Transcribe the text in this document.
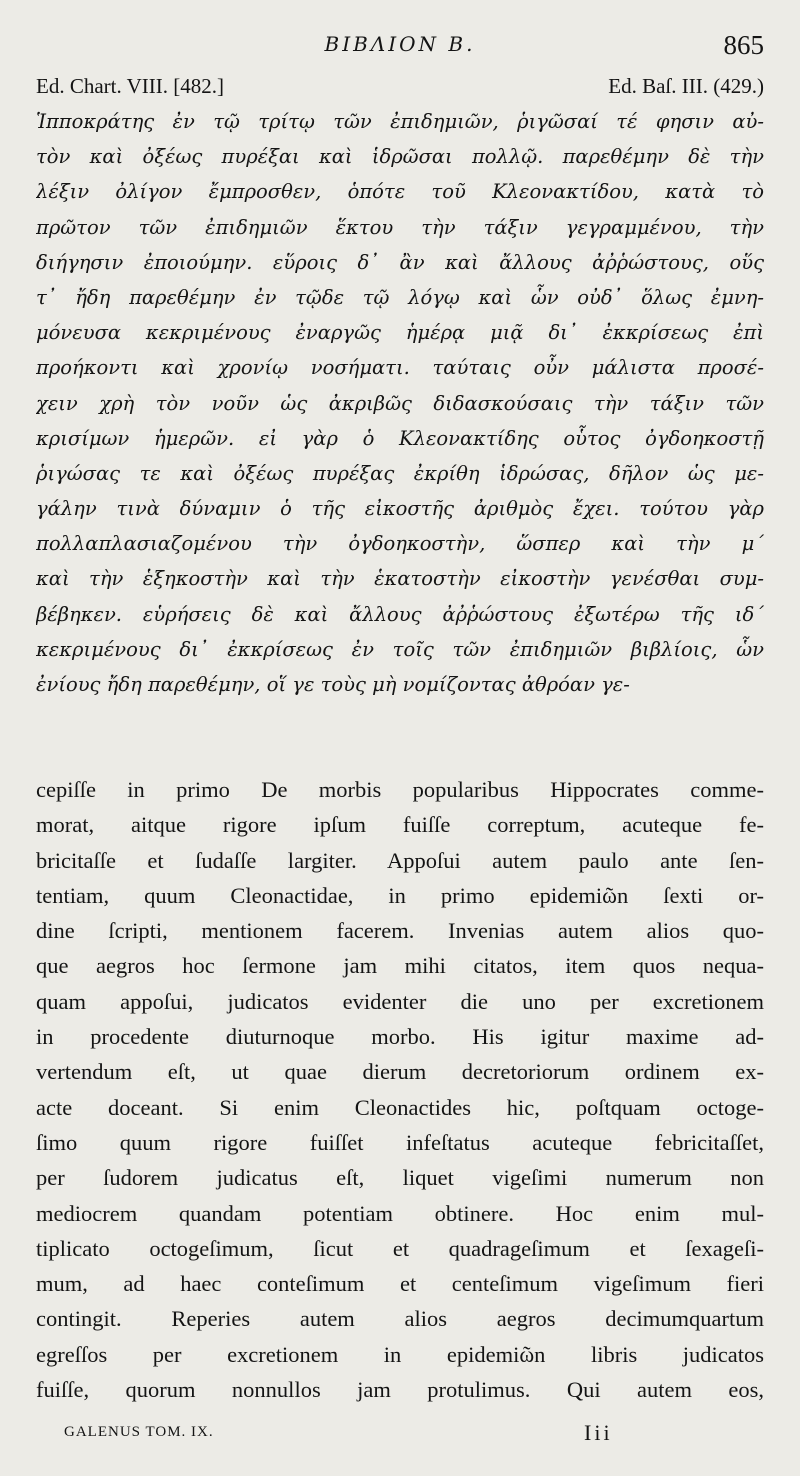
ΒΙΒΛΙΟΝ Β.	865
Ed. Chart. VIII. [482.]	Ed. Baſ. III. (429.)
Ἱπποκράτης ἐν τῷ τρίτῳ τῶν ἐπιδημιῶν, ῥιγῶσαί τέ φησιν αὐ-
τὸν καὶ ὀξέως πυρέξαι καὶ ἱδρῶσαι πολλῷ. παρεθέμην δὲ τὴν
λέξιν ὀλίγον ἔμπροσθεν, ὁπότε τοῦ Κλεονακτίδου, κατὰ τὸ
πρῶτον τῶν ἐπιδημιῶν ἕκτου τὴν τάξιν γεγραμμένου, τὴν
διήγησιν ἐποιούμην. εὕροις δ᾽ ἂν καὶ ἄλλους ἀῤῥώστους, οὕς
τ᾽ ἤδη παρεθέμην ἐν τῷδε τῷ λόγῳ καὶ ὧν οὐδ᾽ ὅλως ἐμνη-
μόνευσα κεκριμένους ἐναργῶς ἡμέρᾳ μιᾷ δι᾽ ἐκκρίσεως ἐπὶ
προήκοντι καὶ χρονίῳ νοσήματι. ταύταις οὖν μάλιστα προσέ-
χειν χρὴ τὸν νοῦν ὡς ἀκριβῶς διδασκούσαις τὴν τάξιν τῶν
κρισίμων ἡμερῶν. εἰ γὰρ ὁ Κλεονακτίδης οὗτος ὀγδοηκοστῇ
ῥιγώσας τε καὶ ὀξέως πυρέξας ἐκρίθη ἱδρώσας, δῆλον ὡς με-
γάλην τινὰ δύναμιν ὁ τῆς εἰκοστῆς ἀριθμὸς ἔχει. τούτου γὰρ
πολλαπλασιαζομένου τὴν ὀγδοηκοστὴν, ὥσπερ καὶ τὴν μ΄
καὶ τὴν ἑξηκοστὴν καὶ τὴν ἑκατοστὴν εἰκοστὴν γενέσθαι συμ-
βέβηκεν. εὑρήσεις δὲ καὶ ἄλλους ἀῤῥώστους ἐξωτέρω τῆς ιδ΄
κεκριμένους δι᾽ ἐκκρίσεως ἐν τοῖς τῶν ἐπιδημιῶν βιβλίοις, ὧν
ἐνίους ἤδη παρεθέμην, οἵ γε τοὺς μὴ νομίζοντας ἀθρόαν γε-
cepiſſe in primo De morbis popularibus Hippocrates comme-
morat, aitque rigore ipſum fuiſſe correptum, acuteque fe-
bricitaſſe et ſudaſſe largiter. Appoſui autem paulo ante ſen-
tentiam, quum Cleonactidae, in primo epidemiῶn ſexti or-
dine ſcripti, mentionem facerem. Invenias autem alios quo-
que aegros hoc ſermone jam mihi citatos, item quos nequa-
quam appoſui, judicatos evidenter die uno per excretionem
in procedente diuturnoque morbo. His igitur maxime ad-
vertendum eſt, ut quae dierum decretoriorum ordinem ex-
acte doceant. Si enim Cleonactides hic, poſtquam octoge-
ſimo quum rigore fuiſſet infeſtatus acuteque febricitaſſet,
per ſudorem judicatus eſt, liquet vigeſimi numerum non
mediocrem quandam potentiam obtinere. Hoc enim mul-
tiplicato octogeſimum, ſicut et quadrageſimum et ſexageſi-
mum, ad haec conteſimum et centeſimum vigeſimum fieri
contingit. Reperies autem alios aegros decimumquartum
egreſſos per excretionem in epidemiῶn libris judicatos
fuiſſe, quorum nonnullos jam protulimus. Qui autem eos,
GALENUS TOM. IX.	Iii
